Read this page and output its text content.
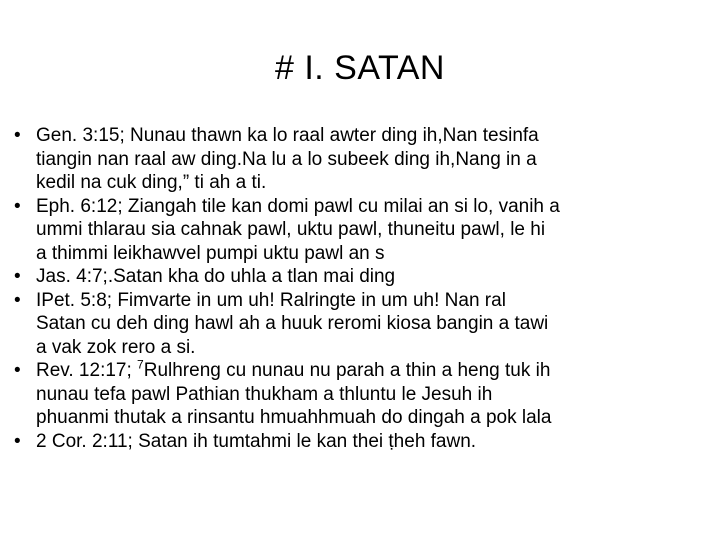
# I. SATAN
• Gen. 3:15; Nunau thawn ka lo raal awter ding ih,Nan tesinfa
tiangin nan raal aw ding.Na lu a lo subeek ding ih,Nang in a
kedil na cuk ding,” ti ah a ti.
• Eph. 6:12; Ziangah tile kan domi pawl cu milai an si lo, vanih a
ummi thlarau sia cahnak pawl, uktu pawl, thuneitu pawl, le hi
a thimmi leikhawvel pumpi uktu pawl an s
• Jas. 4:7;.Satan kha do uhla a tlan mai ding
• IPet. 5:8; Fimvarte in um uh! Ralringte in um uh! Nan ral
Satan cu deh ding hawl ah a huuk reromi kiosa bangin a tawi
a vak zok rero a si.
• Rev. 12:17; $^7$Rulhreng cu nunau nu parah a thin a heng tuk ih
nunau tefa pawl Pathian thukham a thluntu le Jesuh ih
phuanmi thutak a rinsantu hmuahhmuah do dingah a pok lala
• 2 Cor. 2:11; Satan ih tumtahmi le kan thei ṭheh fawn.
